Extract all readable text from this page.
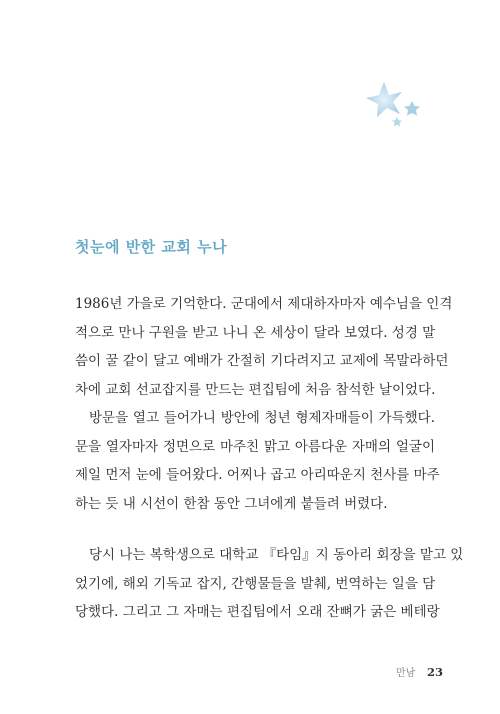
첫눈에 반한 교회 누나
1986년 가을로 기억한다. 군대에서 제대하자마자 예수님을 인격
적으로 만나 구원을 받고 나니 온 세상이 달라 보였다. 성경 말
씀이 꿀 같이 달고 예배가 간절히 기다려지고 교제에 목말라하던
차에 교회 선교잡지를 만드는 편집팀에 처음 참석한 날이었다.
방문을 열고 들어가니 방안에 청년 형제자매들이 가득했다.
문을 열자마자 정면으로 마주친 맑고 아름다운 자매의 얼굴이
제일 먼저 눈에 들어왔다. 어찌나 곱고 아리따운지 천사를 마주
하는 듯 내 시선이 한참 동안 그녀에게 붙들려 버렸다.
당시 나는 복학생으로 대학교 『타임』지 동아리 회장을 맡고 있
었기에, 해외 기독교 잡지, 간행물들을 발췌, 번역하는 일을 담
당했다. 그리고 그 자매는 편집팀에서 오래 잔뼈가 굵은 베테랑
만남 23
